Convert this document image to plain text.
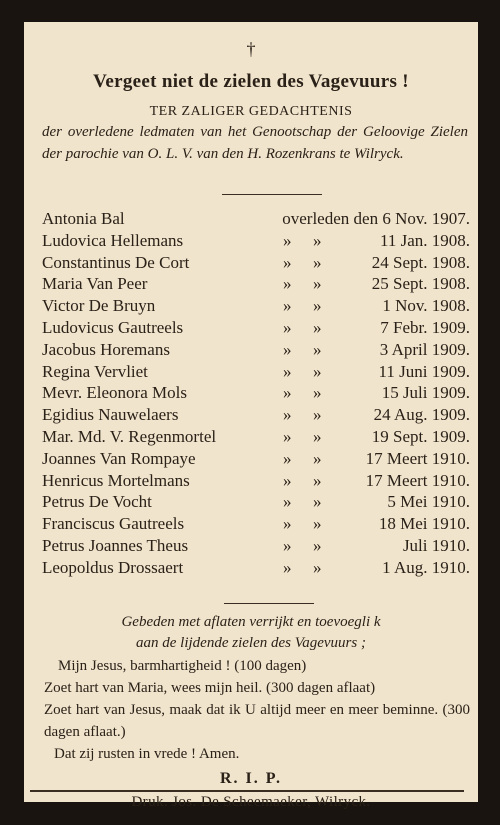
†
Vergeet niet de zielen des Vagevuurs !
TER ZALIGER GEDACHTENIS
der overledene ledmaten van het Genootschap der Geloovige Zielen der parochie van O. L. V. van den H. Rozenkrans te Wilryck.
Antonia Bal	overleden den 6 Nov. 1907.
Ludovica Hellemans	» »	11 Jan. 1908.
Constantinus De Cort	» »	24 Sept. 1908.
Maria Van Peer	» »	25 Sept. 1908.
Victor De Bruyn	» »	1 Nov. 1908.
Ludovicus Gautreels	» »	7 Febr. 1909.
Jacobus Horemans	» »	3 April 1909.
Regina Vervliet	» »	11 Juni 1909.
Mevr. Eleonora Mols	» »	15 Juli 1909.
Egidius Nauwelaers	» »	24 Aug. 1909.
Mar. Md. V. Regenmortel	» »	19 Sept. 1909.
Joannes Van Rompaye	» »	17 Meert 1910.
Henricus Mortelmans	» »	17 Meert 1910.
Petrus De Vocht	» »	5 Mei 1910.
Franciscus Gautreels	» »	18 Mei 1910.
Petrus Joannes Theus	» »	Juli 1910.
Leopoldus Drossaert	» »	1 Aug. 1910.
Gebeden met aflaten verrijkt en toevoegli k
aan de lijdende zielen des Vagevuurs ;
Mijn Jesus, barmhartigheid ! (100 dagen)
Zoet hart van Maria, wees mijn heil. (300 dagen aflaat)
Zoet hart van Jesus, maak dat ik U altijd meer en meer beminne. (300 dagen aflaat.)
Dat zij rusten in vrede ! Amen.
R. I. P.
Druk. Jos. De Scheemaeker, Wilryck.
